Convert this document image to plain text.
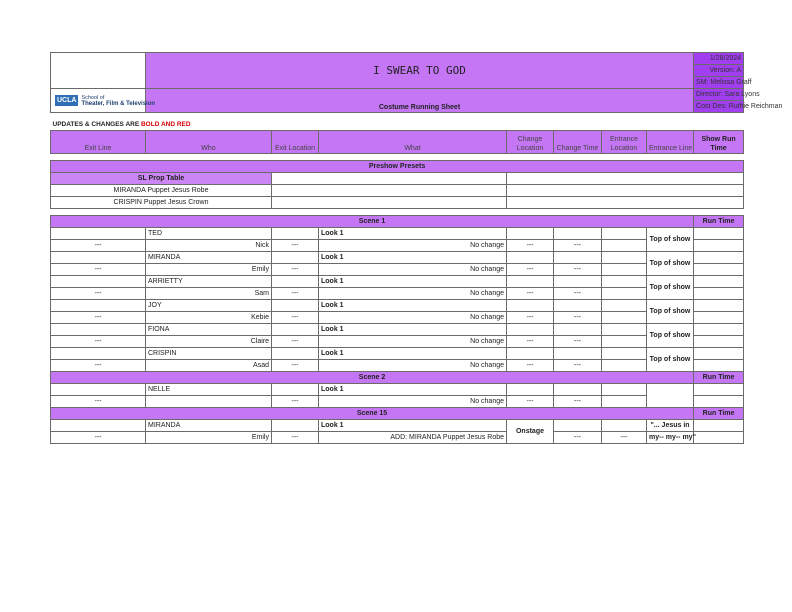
	I SWEAR TO GOD							1/28/2024
								Version: A
								SM: Melissa Graff

UCLA School of
Theater, Film & Television	Costume Running Sheet							Director: Sara Lyons
								Cost Des: Ruthie Reichman

UPDATES & CHANGES ARE BOLD AND RED								
Exit Line	Who	Exit Location	What	Change Location	Change Time	Entrance Location	Entrance Line	Show Run Time

Preshow Presets								
SL Prop Table								
MIRANDA Puppet Jesus Robe								
CRISPIN Puppet Jesus Crown								

Scene 1								Run Time
	TED		Look 1				Top of show	
---	Nick	---	No change	---	---			
	MIRANDA		Look 1				Top of show	
---	Emily	---	No change	---	---			
	ARRIETTY		Look 1				Top of show	
---	Sam	---	No change	---	---			
	JOY		Look 1				Top of show	
---	Kebie	---	No change	---	---			
	FIONA		Look 1				Top of show	
---	Claire	---	No change	---	---			
	CRISPIN		Look 1				Top of show	
---	Asad	---	No change	---	---			
Scene 2								Run Time
	NELLE		Look 1					
---		---	No change	---	---			
Scene 15								Run Time
	MIRANDA		Look 1	Onstage			"... Jesus in	
---	Emily	---	ADD: MIRANDA Puppet Jesus Robe		---	---	my-- my-- my"	
